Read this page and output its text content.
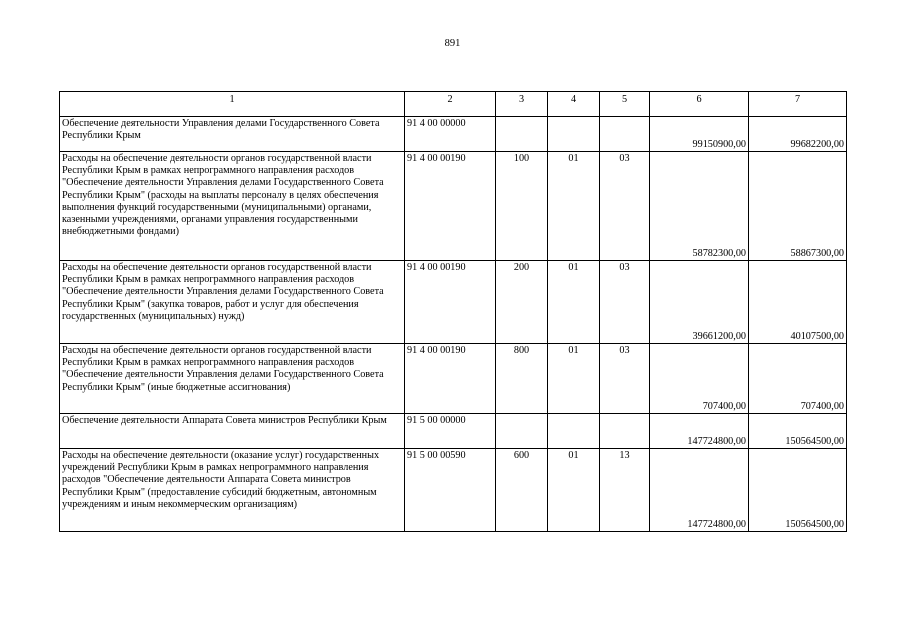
891
1	2	3	4	5	6	7
Обеспечение деятельности Управления делами Государственного Совета Республики Крым	91 4 00 00000				99150900,00	99682200,00
Расходы на обеспечение деятельности органов государственной власти Республики Крым в рамках непрограммного направления расходов "Обеспечение деятельности Управления делами Государственного Совета Республики Крым" (расходы на выплаты персоналу в целях обеспечения выполнения функций государственными (муниципальными) органами, казенными учреждениями, органами управления государственными внебюджетными фондами)	91 4 00 00190	100	01	03	58782300,00	58867300,00
Расходы на обеспечение деятельности органов государственной власти Республики Крым в рамках непрограммного направления расходов "Обеспечение деятельности Управления делами Государственного Совета Республики Крым" (закупка товаров, работ и услуг для обеспечения государственных (муниципальных) нужд)	91 4 00 00190	200	01	03	39661200,00	40107500,00
Расходы на обеспечение деятельности органов государственной власти Республики Крым в рамках непрограммного направления расходов "Обеспечение деятельности Управления делами Государственного Совета Республики Крым" (иные бюджетные ассигнования)	91 4 00 00190	800	01	03	707400,00	707400,00
Обеспечение деятельности Аппарата Совета министров Республики Крым	91 5 00 00000				147724800,00	150564500,00
Расходы на обеспечение деятельности (оказание услуг) государственных учреждений Республики Крым в рамках непрограммного направления расходов "Обеспечение деятельности Аппарата Совета министров Республики Крым" (предоставление субсидий бюджетным, автономным учреждениям и иным некоммерческим организациям)	91 5 00 00590	600	01	13	147724800,00	150564500,00
